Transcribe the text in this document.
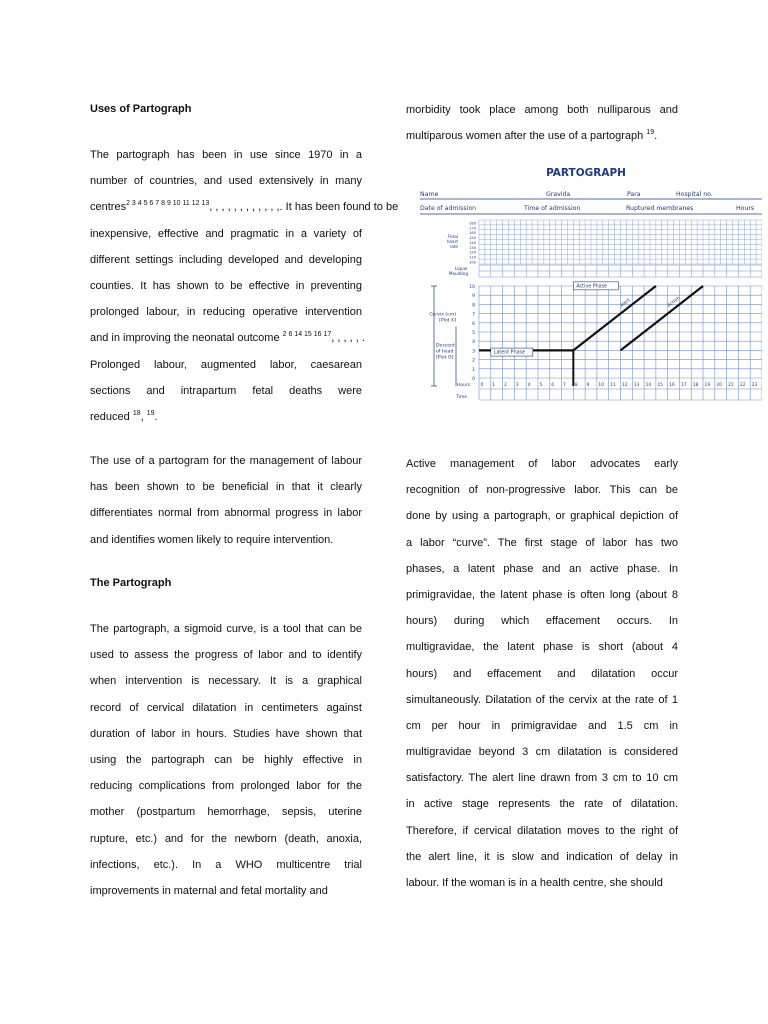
Uses of Partograph
The partograph has been in use since 1970 in a
number of countries, and used extensively in many
centres$^{2 3 4 5 6 7 8 9 10 11 12 13}$, , , , , , , , , , , ,. It has been found to be
inexpensive, effective and pragmatic in a variety of
different settings including developed and developing
counties. It has shown to be effective in preventing
prolonged labour, in reducing operative intervention
and in improving the neonatal outcome $^{2 6 14 15 16 17}$, , , , , .
Prolonged labour, augmented labor, caesarean
sections and intrapartum fetal deaths were
reduced $^{18}$, $^{19}$.
The use of a partogram for the management of labour
has been shown to be beneficial in that it clearly
differentiates normal from abnormal progress in labor
and identifies women likely to require intervention.
The Partograph
The partograph, a sigmoid curve, is a tool that can be
used to assess the progress of labor and to identify
when intervention is necessary. It is a graphical
record of cervical dilatation in centimeters against
duration of labor in hours. Studies have shown that
using the partograph can be highly effective in
reducing complications from prolonged labor for the
mother (postpartum hemorrhage, sepsis, uterine
rupture, etc.) and for the newborn (death, anoxia,
infections, etc.). In a WHO multicentre trial
improvements in maternal and fetal mortality and
morbidity took place among both nulliparous and
multiparous women after the use of a partograph $^{19}$.
Active management of labor advocates early
recognition of non-progressive labor. This can be
done by using a partograph, or graphical depiction of
a labor “curve”. The first stage of labor has two
phases, a latent phase and an active phase. In
primigravidae, the latent phase is often long (about 8
hours) during which effacement occurs. In
multigravidae, the latent phase is short (about 4
hours) and effacement and dilatation occur
simultaneously. Dilatation of the cervix at the rate of 1
cm per hour in primigravidae and 1.5 cm in
multigravidae beyond 3 cm dilatation is considered
satisfactory. The alert line drawn from 3 cm to 10 cm
in active stage represents the rate of dilatation.
Therefore, if cervical dilatation moves to the right of
the alert line, it is slow and indication of delay in
labour. If the woman is in a health centre, she should
PARTOGRAPH
Name	Gravida	Para	Hospital no.
Date of admission	Time of admission	Ruptured membranes	Hours
180
170
160
150
140
130
120
110
100
Fetal
heart
rate
Liquor
Moulding
10
9
8
7
6
5
4
3
2
1
0
0 1 2 3 4 5 6 7 8 9 10 11 12 13 14 15 16 17 18 19 20 21 22 23
Hours
Time
Cervix (cm)
[Plot X]
Descent
of head
[Plot O]
Alert	Action
Active Phase
Latent Phase
